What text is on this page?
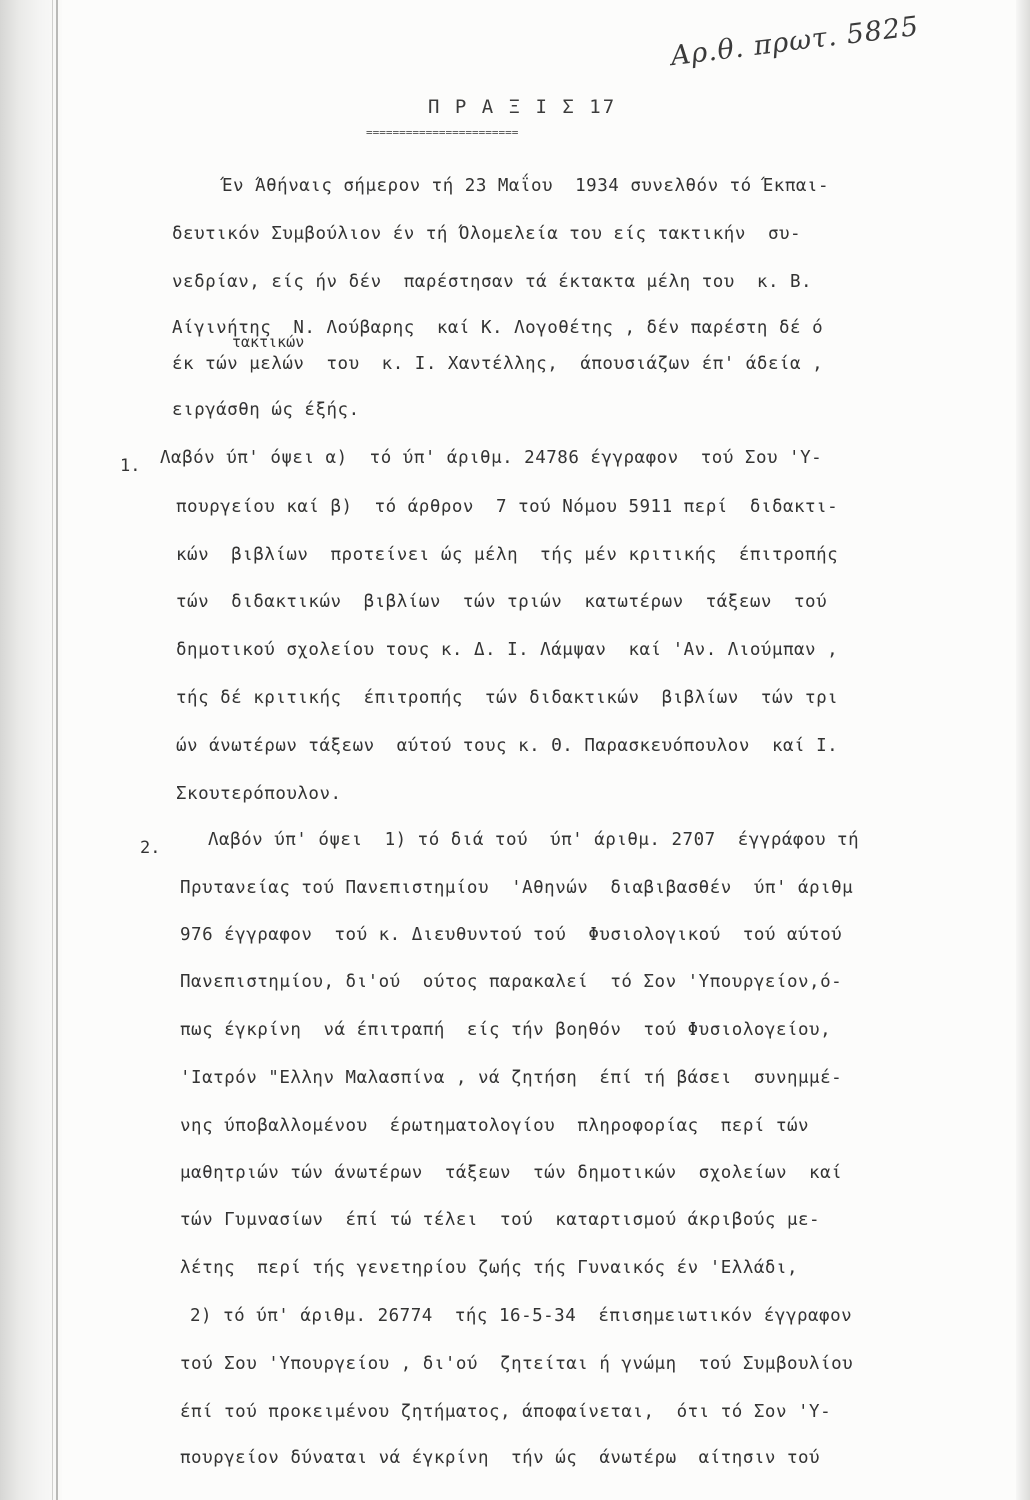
Αρ.θ. πρωτ. 5825
Π Ρ Α Ξ Ι Σ 17
=======================
Έν Άθήναις σήμερον τή 23 Μαΐου  1934 συνελθόν τό Έκπαι-
δευτικόν Συμβούλιον έν τή Όλομελεία του είς τακτικήν  συ-
νεδρίαν, είς ήν δέν  παρέστησαν τά έκτακτα μέλη του  κ. Β.
Αίγινήτης  Ν. Λούβαρης  καί Κ. Λογοθέτης , δέν παρέστη δέ ό
τακτικών
έκ τών μελών  του  κ. Ι. Χαντέλλης,  άπουσιάζων έπ' άδεία ,
ειργάσθη ώς έξής.
1. Λαβόν ύπ' όψει α)  τό ύπ' άριθμ. 24786 έγγραφον  τού Σου 'Υ-
πουργείου καί β)  τό άρθρον  7 τού Νόμου 5911 περί  διδακτι-
κών  βιβλίων  προτείνει ώς μέλη  τής μέν κριτικής  έπιτροπής
τών  διδακτικών  βιβλίων  τών τριών  κατωτέρων  τάξεων  τού
δημοτικού σχολείου τους κ. Δ. Ι. Λάμψαν  καί 'Αν. Λιούμπαν ,
τής δέ κριτικής  έπιτροπής  τών διδακτικών  βιβλίων  τών τρι
ών άνωτέρων τάξεων  αύτού τους κ. Θ. Παρασκευόπουλον  καί Ι.
Σκουτερόπουλον.
2.	Λαβόν ύπ' όψει  1) τό διά τού  ύπ' άριθμ. 2707  έγγράφου τή
Πρυτανείας τού Πανεπιστημίου  'Αθηνών  διαβιβασθέν  ύπ' άριθμ
976 έγγραφον  τού κ. Διευθυντού τού  Φυσιολογικού  τού αύτού
Πανεπιστημίου, δι'ού  ούτος παρακαλεί  τό Σον 'Υπουργείον,ό-
πως έγκρίνη  νά έπιτραπή  είς τήν βοηθόν  τού Φυσιολογείου,
'Ιατρόν "Ελλην Μαλασπίνα , νά ζητήση  έπί τή βάσει  συνημμέ-
νης ύποβαλλομένου  έρωτηματολογίου  πληροφορίας  περί τών
μαθητριών τών άνωτέρων  τάξεων  τών δημοτικών  σχολείων  καί
τών Γυμνασίων  έπί τώ τέλει  τού  καταρτισμού άκριβούς με-
λέτης  περί τής γενετηρίου ζωής τής Γυναικός έν 'Ελλάδι,
2) τό ύπ' άριθμ. 26774  τής 16-5-34  έπισημειωτικόν έγγραφον
τού Σου 'Υπουργείου , δι'ού  ζητείται ή γνώμη  τού Συμβουλίου
έπί τού προκειμένου ζητήματος, άποφαίνεται,  ότι τό Σον 'Υ-
πουργείον δύναται νά έγκρίνη  τήν ώς  άνωτέρω  αίτησιν τού
